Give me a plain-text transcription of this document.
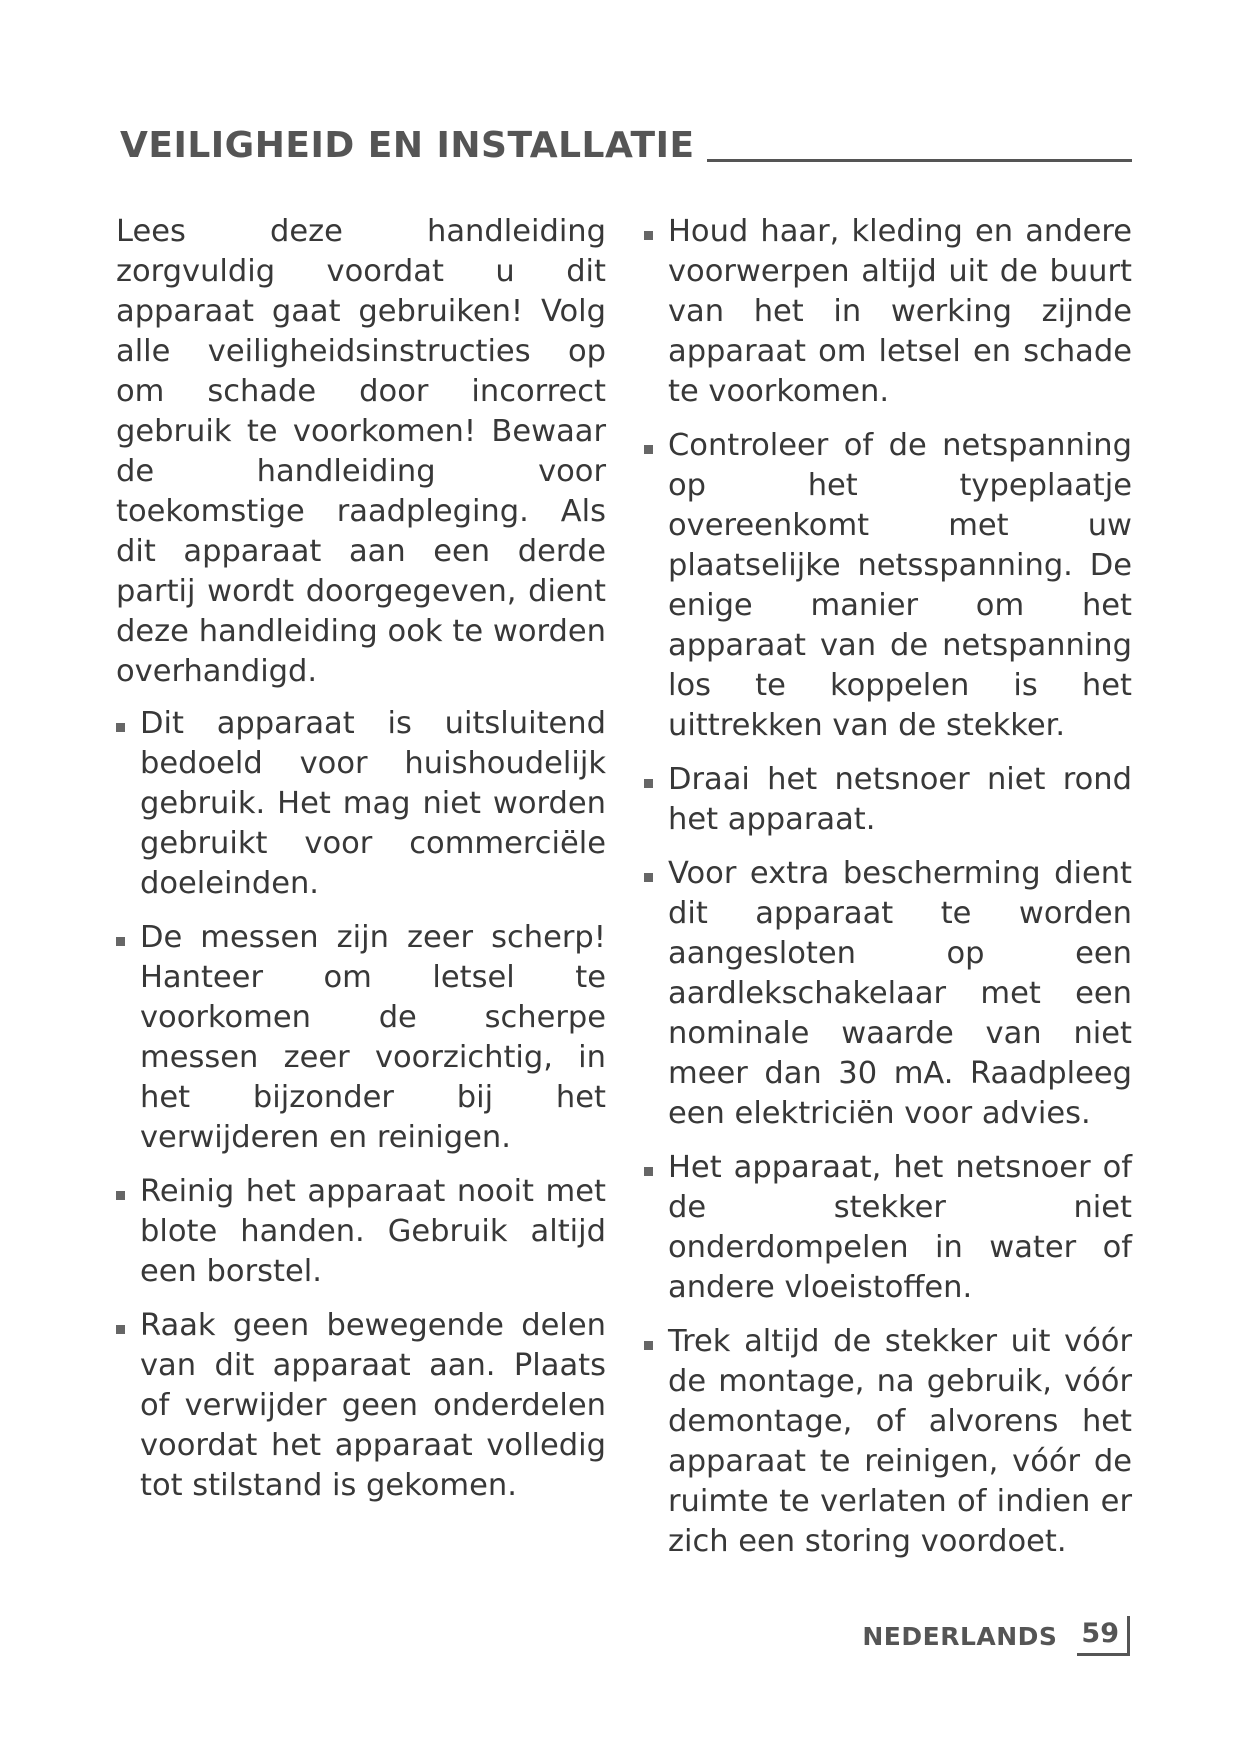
VEILIGHEID EN INSTALLATIE

Lees deze handleiding zorgvuldig voordat u dit apparaat gaat gebruiken! Volg alle veiligheidsinstructies op om schade door incorrect gebruik te voorkomen! Bewaar de handleiding voor toekomstige raadpleging. Als dit apparaat aan een derde partij wordt doorgegeven, dient deze handleiding ook te worden overhandigd.

Dit apparaat is uitsluitend bedoeld voor huishoudelijk gebruik. Het mag niet worden gebruikt voor commerciële doeleinden.
De messen zijn zeer scherp! Hanteer om letsel te voorkomen de scherpe messen zeer voorzichtig, in het bijzonder bij het verwijderen en reinigen.
Reinig het apparaat nooit met blote handen. Gebruik altijd een borstel.
Raak geen bewegende delen van dit apparaat aan. Plaats of verwijder geen onderdelen voordat het apparaat volledig tot stilstand is gekomen.
Houd haar, kleding en andere voorwerpen altijd uit de buurt van het in werking zijnde apparaat om letsel en schade te voorkomen.
Controleer of de netspanning op het typeplaatje overeenkomt met uw plaatselijke netsspanning. De enige manier om het apparaat van de netspanning los te koppelen is het uittrekken van de stekker.
Draai het netsnoer niet rond het apparaat.
Voor extra bescherming dient dit apparaat te worden aangesloten op een aardlekschakelaar met een nominale waarde van niet meer dan 30 mA. Raadpleeg een elektriciën voor advies.
Het apparaat, het netsnoer of de stekker niet onderdompelen in water of andere vloeistoffen.
Trek altijd de stekker uit vóór de montage, na gebruik, vóór demontage, of alvorens het apparaat te reinigen, vóór de ruimte te verlaten of indien er zich een storing voordoet.
NEDERLANDS 59
